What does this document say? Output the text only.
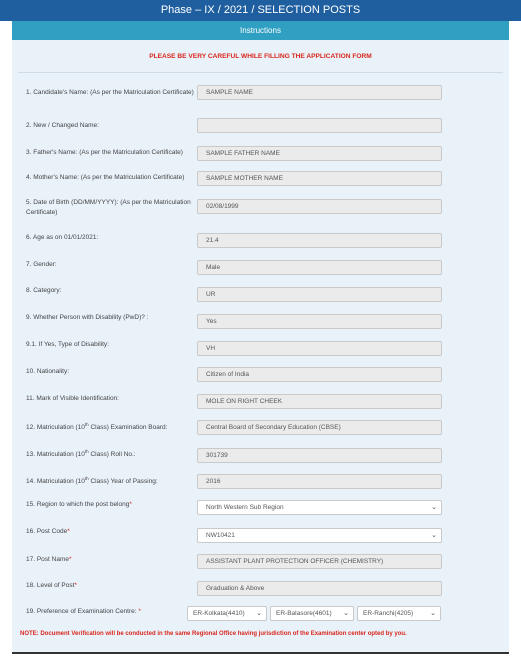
Phase – IX / 2021 / SELECTION POSTS
Instructions
PLEASE BE VERY CAREFUL WHILE FILLING THE APPLICATION FORM
1. Candidate's Name: (As per the Matriculation Certificate)	SAMPLE NAME
2. New / Changed Name:
3. Father's Name: (As per the Matriculation Certificate)	SAMPLE FATHER NAME
4. Mother's Name: (As per the Matriculation Certificate)	SAMPLE MOTHER NAME
5. Date of Birth (DD/MM/YYYY): (As per the Matriculation Certificate)
02/08/1999
6. Age as on 01/01/2021:	21.4
7. Gender:	Male
8. Category:
UR
9. Whether Person with Disability (PwD)? :
Yes
9.1. If Yes, Type of Disability:
VH
10. Nationality:	Citizen of India
11. Mark of Visible Identification:	MOLE ON RIGHT CHEEK
12. Matriculation (10th Class) Examination Board:	Central Board of Secondary Education (CBSE)
13. Matriculation (10th Class) Roll No.:	301739
14. Matriculation (10th Class) Year of Passing:	2016
15. Region to which the post belong*	North Western Sub Region	⌄
16. Post Code*
NW10421	⌄
17. Post Name*	ASSISTANT PLANT PROTECTION OFFICER (CHEMISTRY)
18. Level of Post*	Graduation & Above
19. Preference of Examination Centre: *	ER-Kolkata(4410) ⌄	ER-Balasore(4601) ⌄	ER-Ranchi(4205) ⌄
NOTE: Document Verification will be conducted in the same Regional Office having jurisdiction of the Examination center opted by you.
